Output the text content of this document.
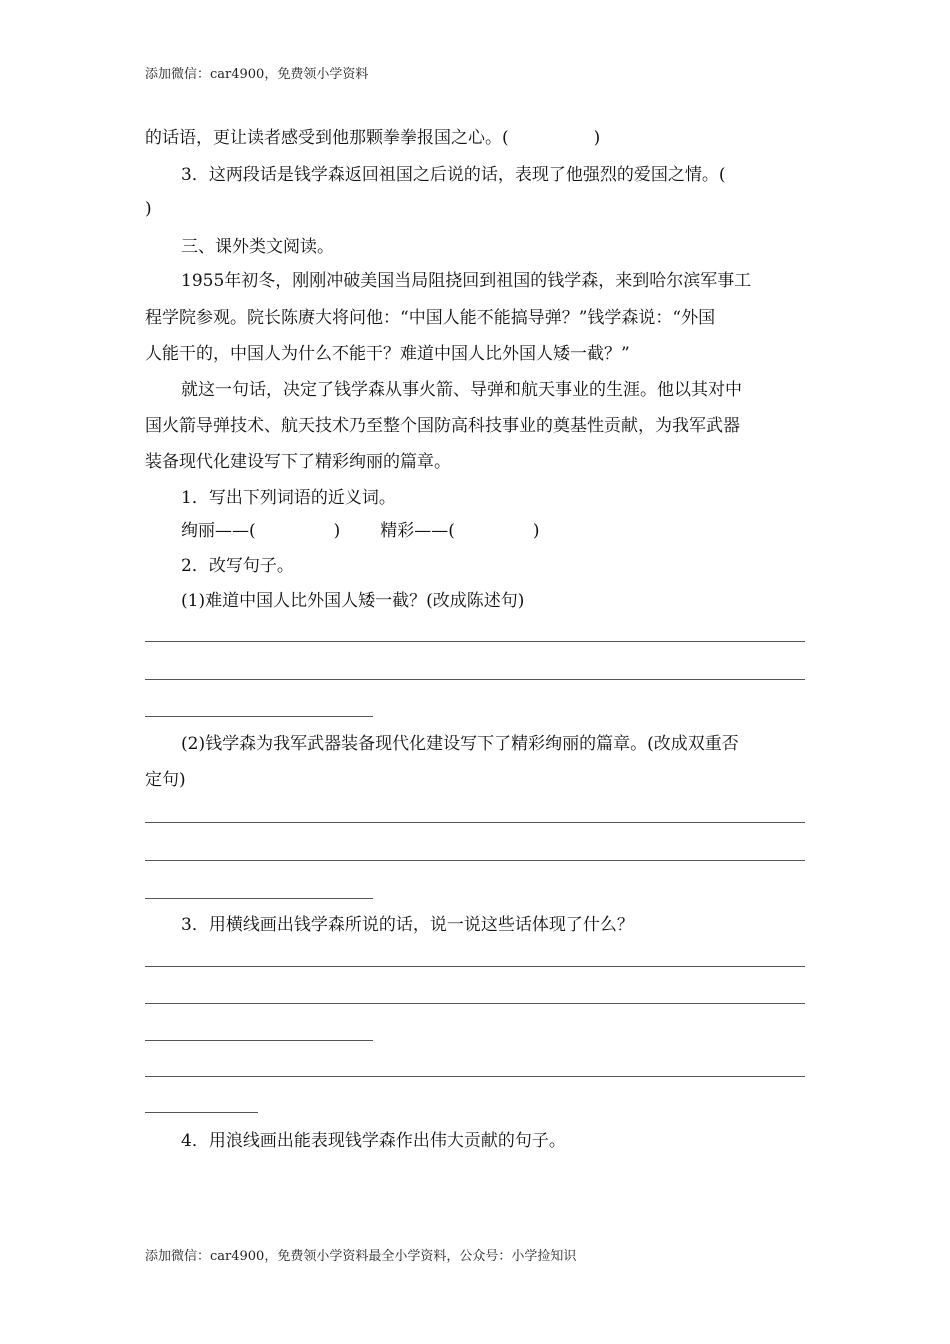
添加微信：car4900，免费领小学资料
的话语，更让读者感受到他那颗拳拳报国之心。(　　　　　)
3．这两段话是钱学森返回祖国之后说的话，表现了他强烈的爱国之情。(
)
三、课外类文阅读。
1955年初冬，刚刚冲破美国当局阻挠回到祖国的钱学森，来到哈尔滨军事工
程学院参观。院长陈赓大将问他：“中国人能不能搞导弹？”钱学森说：“外国
人能干的，中国人为什么不能干？难道中国人比外国人矮一截？”
就这一句话，决定了钱学森从事火箭、导弹和航天事业的生涯。他以其对中
国火箭导弹技术、航天技术乃至整个国防高科技事业的奠基性贡献，为我军武器
装备现代化建设写下了精彩绚丽的篇章。
1．写出下列词语的近义词。
绚丽——(	) 精彩——(	)
2．改写句子。
(1)难道中国人比外国人矮一截？(改成陈述句)
(2)钱学森为我军武器装备现代化建设写下了精彩绚丽的篇章。(改成双重否
定句)
3．用横线画出钱学森所说的话，说一说这些话体现了什么？
4．用浪线画出能表现钱学森作出伟大贡献的句子。
添加微信：car4900，免费领小学资料最全小学资料，公众号：小学捡知识
